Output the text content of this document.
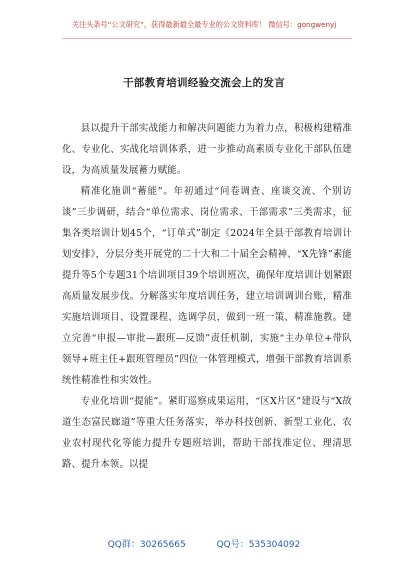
关注头条号“公文研究”，获得最新最全最专业的公文资料库！ 微信号：gongwenyj
干部教育培训经验交流会上的发言

县以提升干部实战能力和解决问题能力为着力点，积极构建精准化、专业化、实战化培训体系，进一步推动高素质专业化干部队伍建设，为高质量发展蓄力赋能。

精准化施训“蓄能”。年初通过“问卷调查、座谈交流、个别访谈”三步调研，结合“单位需求、岗位需求、干部需求”三类需求，征集各类培训计划45个，“订单式”制定《2024年全县干部教育培训计划安排》，分层分类开展党的二十大和二十届全会精神、“X先锋”素能提升等5个专题31个培训项目39个培训班次，确保年度培训计划紧跟高质量发展步伐。分解落实年度培训任务，建立培训调训台账，精准实施培训项目、设置课程、选调学员，做到一班一策、精准施教。建立完善“申报—审批—跟班—反馈”责任机制，实施“主办单位+带队领导+班主任+跟班管理员”四位一体管理模式，增强干部教育培训系统性精准性和实效性。

专业化培训“提能”。紧盯巡察成果运用，“区X片区”建设与“X故道生态富民廊道”等重大任务落实，举办科技创新、新型工业化、农业农村现代化等能力提升专题班培训，帮助干部找准定位、理清思路、提升本领。以提

QQ群：30265665	QQ号：535304092
